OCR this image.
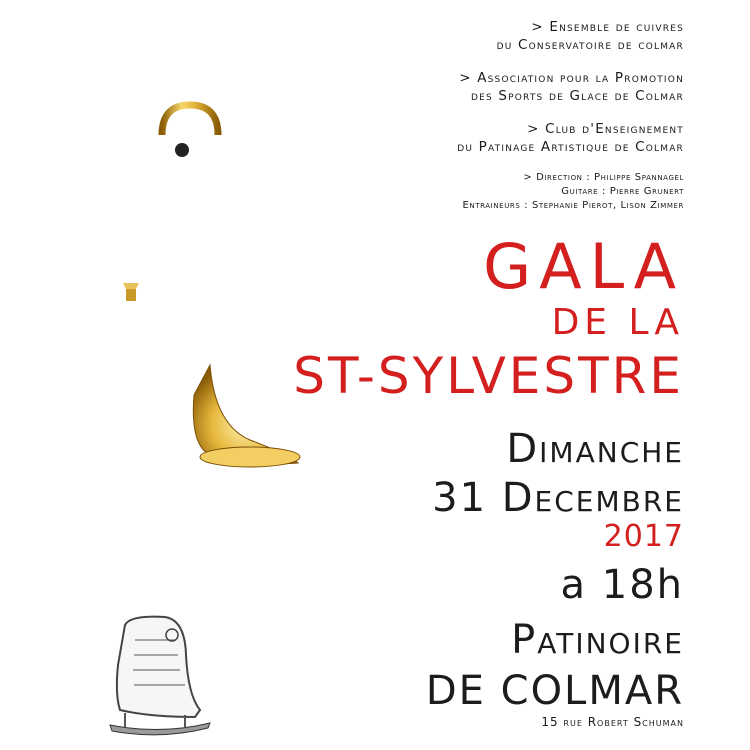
> Ensemble de cuivres
du Conservatoire de colmar
> Association pour la Promotion
des Sports de Glace de Colmar
> Club d'Enseignement
du Patinage Artistique de Colmar
> Direction : Philippe Spannagel
Guitare : Pierre Grunert
Entraineurs : Stephanie Pierot, Lison Zimmer
GALA
DE LA
ST-SYLVESTRE
Dimanche
31 Decembre
2017
a 18h
Patinoire
DE COLMAR
15 rue Robert Schuman
